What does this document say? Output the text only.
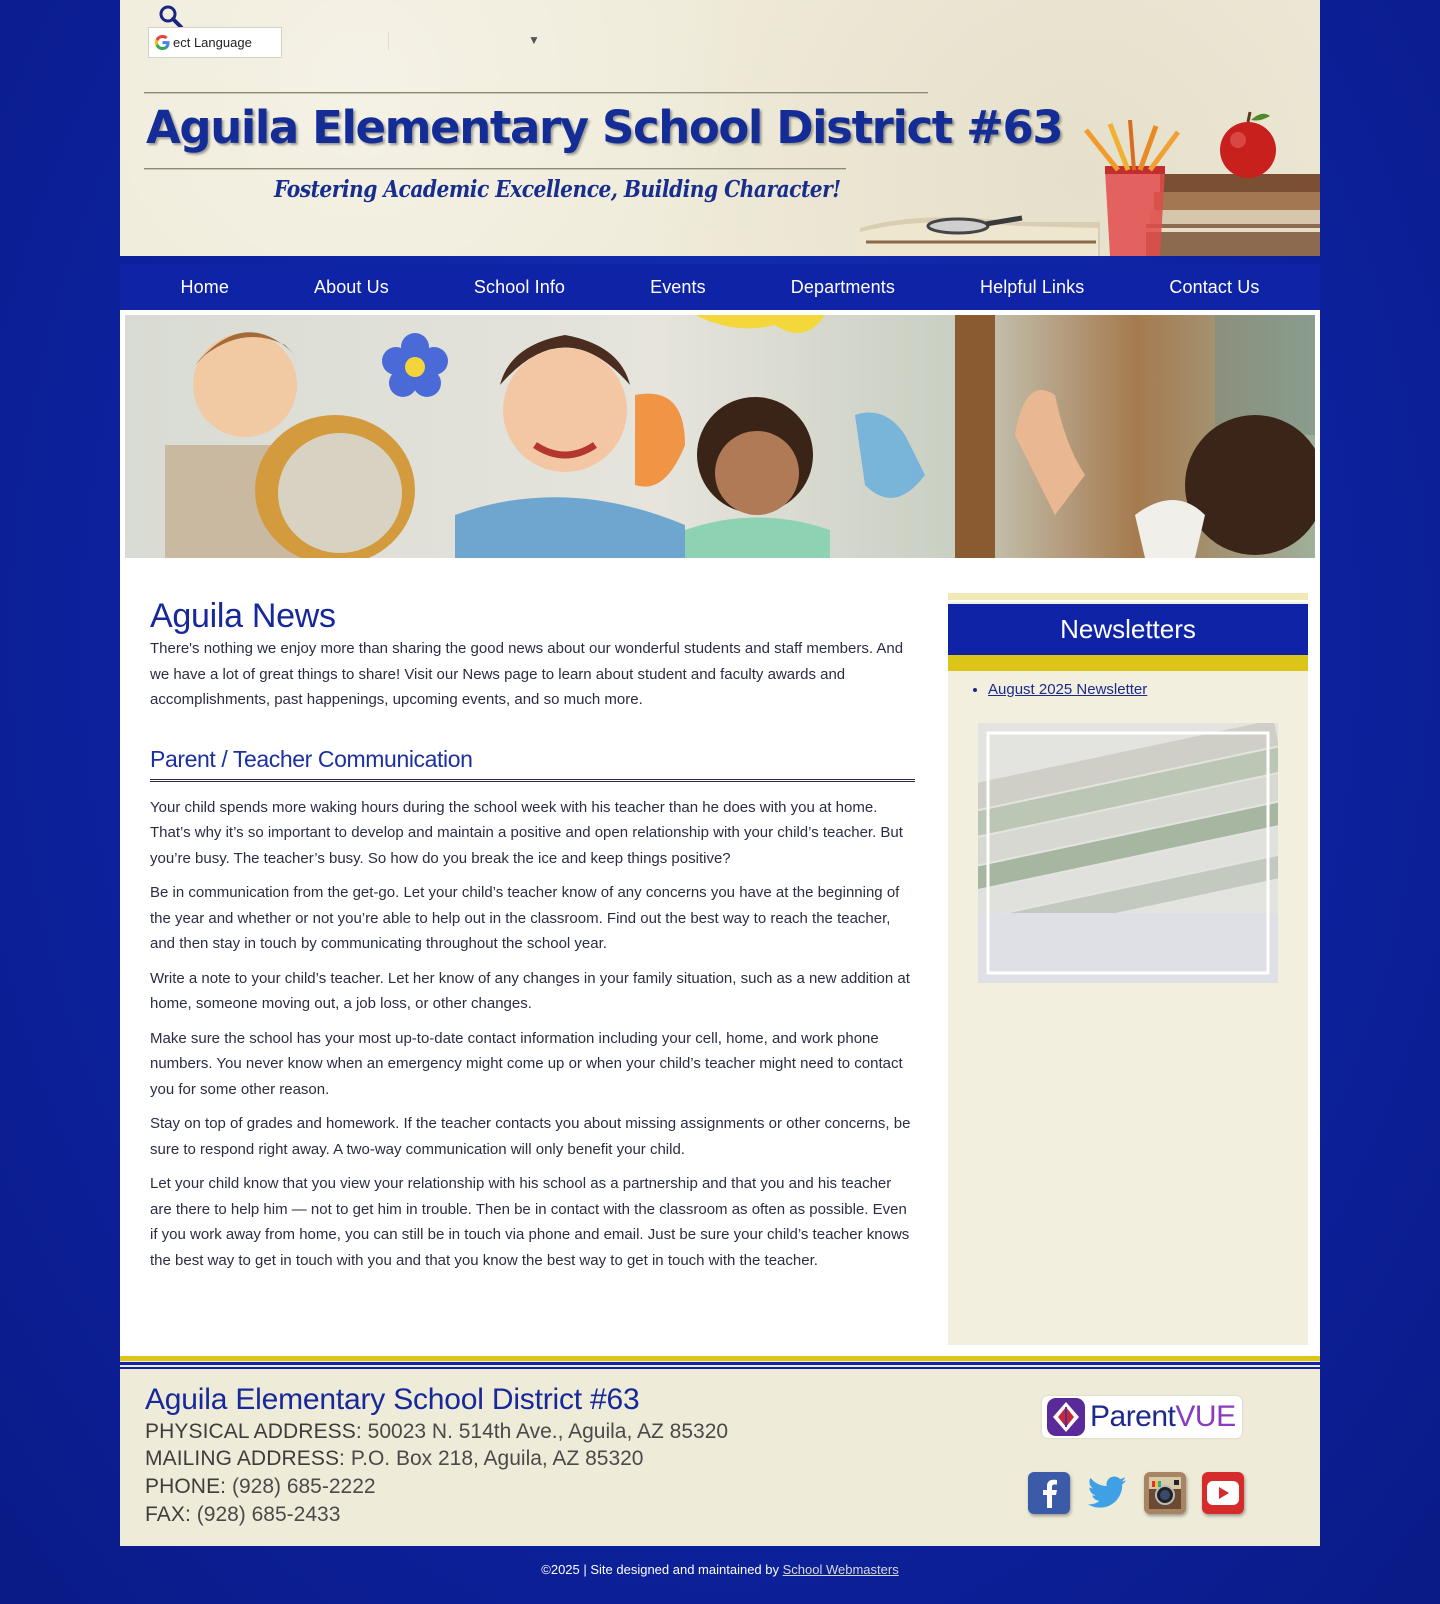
ect Language	▼
Aguila Elementary School District #63
Fostering Academic Excellence, Building Character!
Home	About Us	School Info	Events	Departments	Helpful Links	Contact Us
Aguila News

There's nothing we enjoy more than sharing the good news about our wonderful students and staff members. And we have a lot of great things to share! Visit our News page to learn about student and faculty awards and accomplishments, past happenings, upcoming events, and so much more.

Parent / Teacher Communication

Your child spends more waking hours during the school week with his teacher than he does with you at home. That’s why it’s so important to develop and maintain a positive and open relationship with your child’s teacher. But you’re busy. The teacher’s busy. So how do you break the ice and keep things positive?

Be in communication from the get-go. Let your child’s teacher know of any concerns you have at the beginning of the year and whether or not you’re able to help out in the classroom. Find out the best way to reach the teacher, and then stay in touch by communicating throughout the school year.

Write a note to your child’s teacher. Let her know of any changes in your family situation, such as a new addition at home, someone moving out, a job loss, or other changes.

Make sure the school has your most up-to-date contact information including your cell, home, and work phone numbers. You never know when an emergency might come up or when your child’s teacher might need to contact you for some other reason.

Stay on top of grades and homework. If the teacher contacts you about missing assignments or other concerns, be sure to respond right away. A two-way communication will only benefit your child.

Let your child know that you view your relationship with his school as a partnership and that you and his teacher are there to help him — not to get him in trouble. Then be in contact with the classroom as often as possible. Even if you work away from home, you can still be in touch via phone and email. Just be sure your child’s teacher knows the best way to get in touch with you and that you know the best way to get in touch with the teacher.

Newsletters
• August 2025 Newsletter
Aguila Elementary School District #63
PHYSICAL ADDRESS: 50023 N. 514th Ave., Aguila, AZ 85320
MAILING ADDRESS: P.O. Box 218, Aguila, AZ 85320
PHONE: (928) 685-2222
FAX: (928) 685-2433
ParentVUE
©2025 | Site designed and maintained by School Webmasters
